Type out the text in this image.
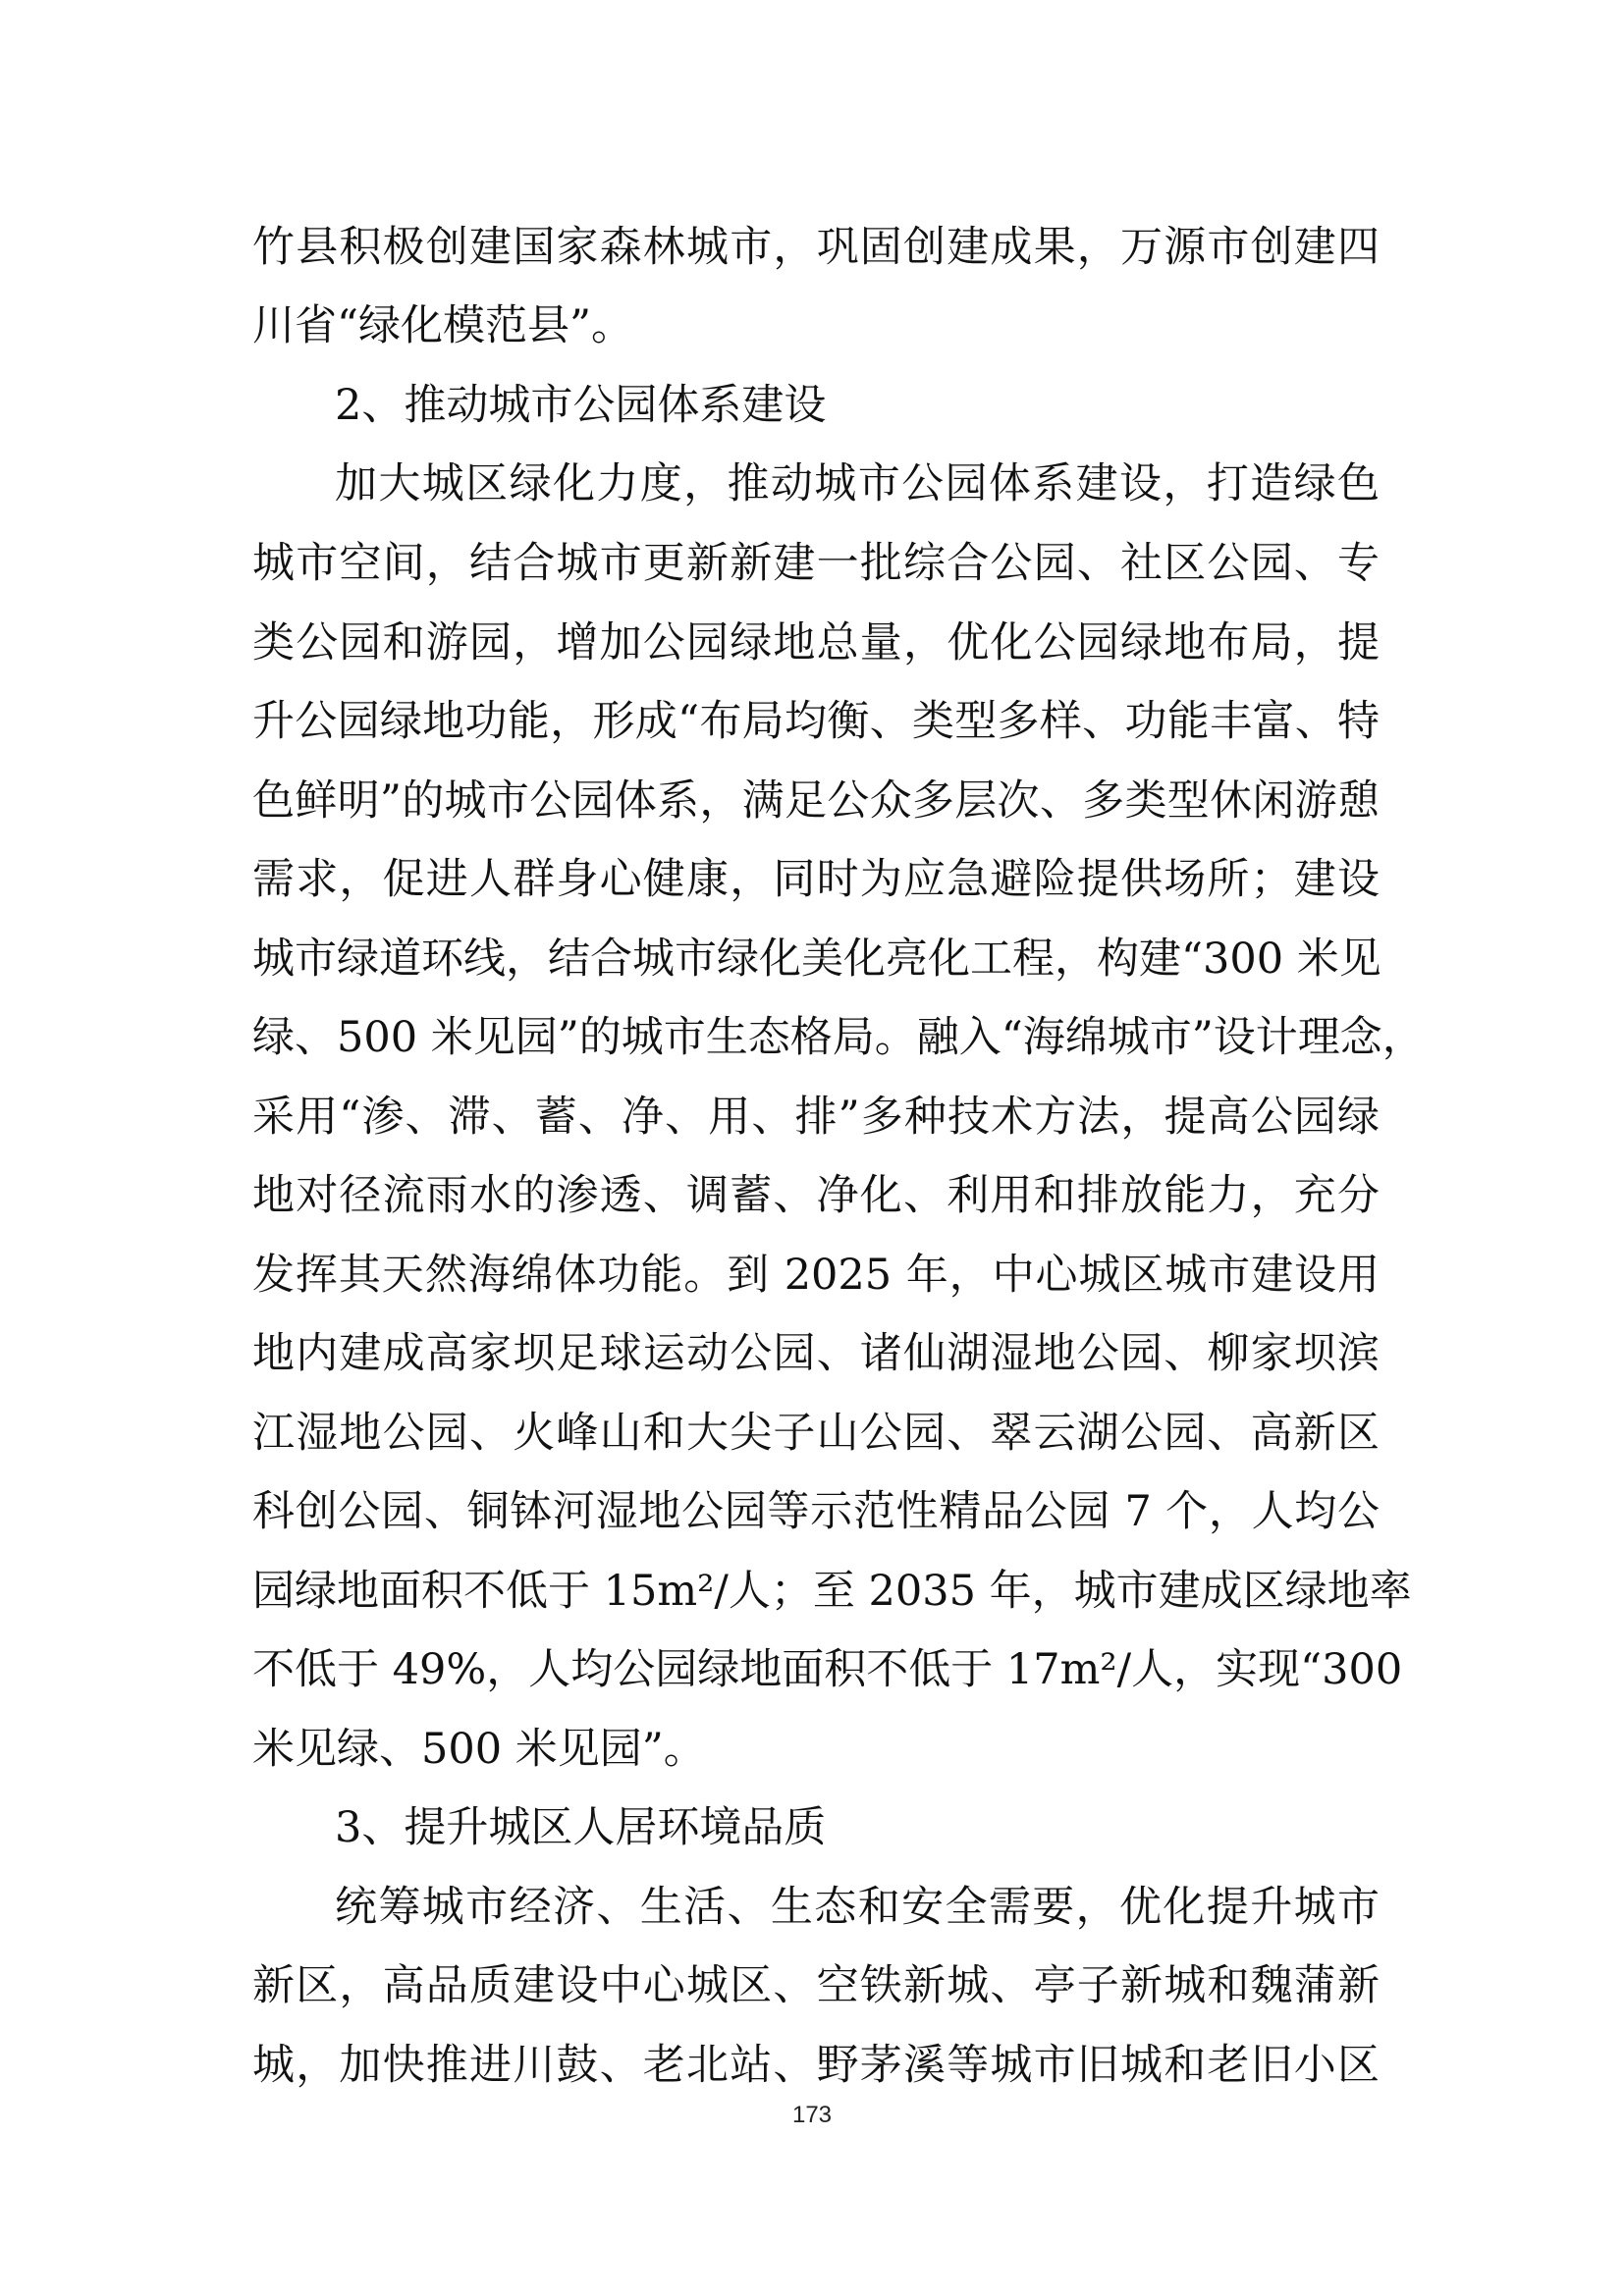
竹县积极创建国家森林城市，巩固创建成果，万源市创建四
川省“绿化模范县”。
2、推动城市公园体系建设
加大城区绿化力度，推动城市公园体系建设，打造绿色
城市空间，结合城市更新新建一批综合公园、社区公园、专
类公园和游园，增加公园绿地总量，优化公园绿地布局，提
升公园绿地功能，形成“布局均衡、类型多样、功能丰富、特
色鲜明”的城市公园体系，满足公众多层次、多类型休闲游憩
需求，促进人群身心健康，同时为应急避险提供场所；建设
城市绿道环线，结合城市绿化美化亮化工程，构建“300 米见
绿、500 米见园”的城市生态格局。融入“海绵城市”设计理念，
采用“渗、滞、蓄、净、用、排”多种技术方法，提高公园绿
地对径流雨水的渗透、调蓄、净化、利用和排放能力，充分
发挥其天然海绵体功能。到 2025 年，中心城区城市建设用
地内建成高家坝足球运动公园、诸仙湖湿地公园、柳家坝滨
江湿地公园、火峰山和大尖子山公园、翠云湖公园、高新区
科创公园、铜钵河湿地公园等示范性精品公园 7 个，人均公
园绿地面积不低于 15m²/人；至 2035 年，城市建成区绿地率
不低于 49%，人均公园绿地面积不低于 17m²/人，实现“300
米见绿、500 米见园”。
3、提升城区人居环境品质
统筹城市经济、生活、生态和安全需要，优化提升城市
新区，高品质建设中心城区、空铁新城、亭子新城和魏蒲新
城，加快推进川鼓、老北站、野茅溪等城市旧城和老旧小区
173
